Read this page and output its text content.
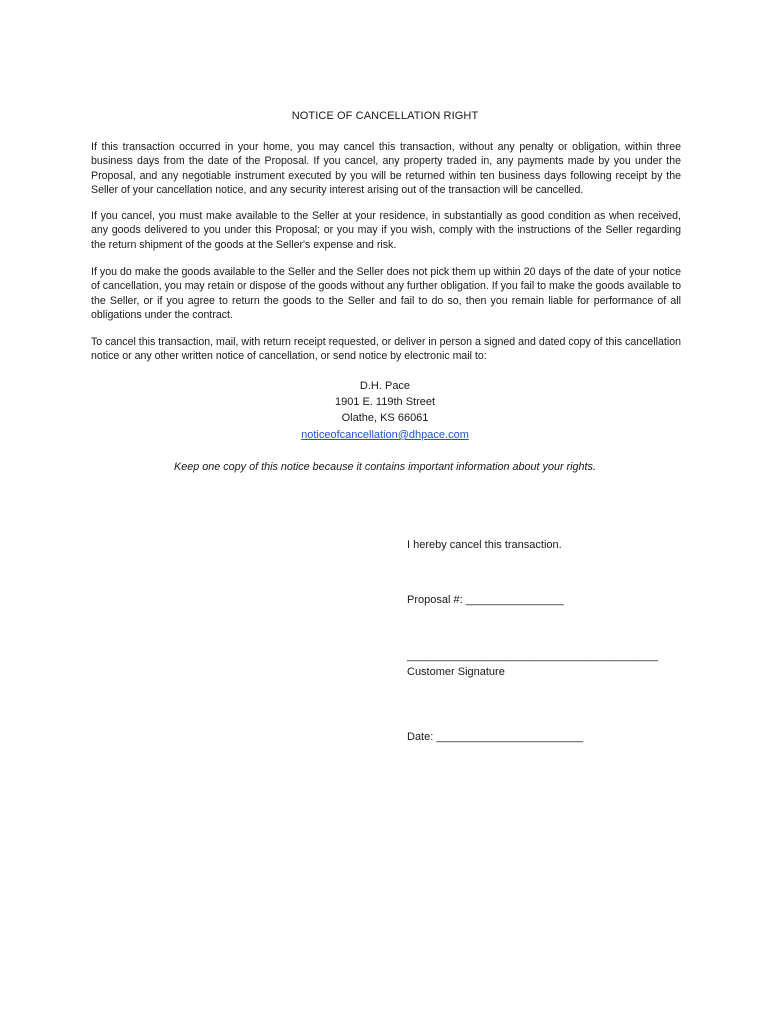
NOTICE OF CANCELLATION RIGHT
If this transaction occurred in your home, you may cancel this transaction, without any penalty or obligation, within three business days from the date of the Proposal. If you cancel, any property traded in, any payments made by you under the Proposal, and any negotiable instrument executed by you will be returned within ten business days following receipt by the Seller of your cancellation notice, and any security interest arising out of the transaction will be cancelled.
If you cancel, you must make available to the Seller at your residence, in substantially as good condition as when received, any goods delivered to you under this Proposal; or you may if you wish, comply with the instructions of the Seller regarding the return shipment of the goods at the Seller's expense and risk.
If you do make the goods available to the Seller and the Seller does not pick them up within 20 days of the date of your notice of cancellation, you may retain or dispose of the goods without any further obligation. If you fail to make the goods available to the Seller, or if you agree to return the goods to the Seller and fail to do so, then you remain liable for performance of all obligations under the contract.
To cancel this transaction, mail, with return receipt requested, or deliver in person a signed and dated copy of this cancellation notice or any other written notice of cancellation, or send notice by electronic mail to:
D.H. Pace
1901 E. 119th Street
Olathe, KS 66061
noticeofcancellation@dhpace.com
Keep one copy of this notice because it contains important information about your rights.
I hereby cancel this transaction.
Proposal #: ________________
_________________________________________
Customer Signature
Date: ________________________
